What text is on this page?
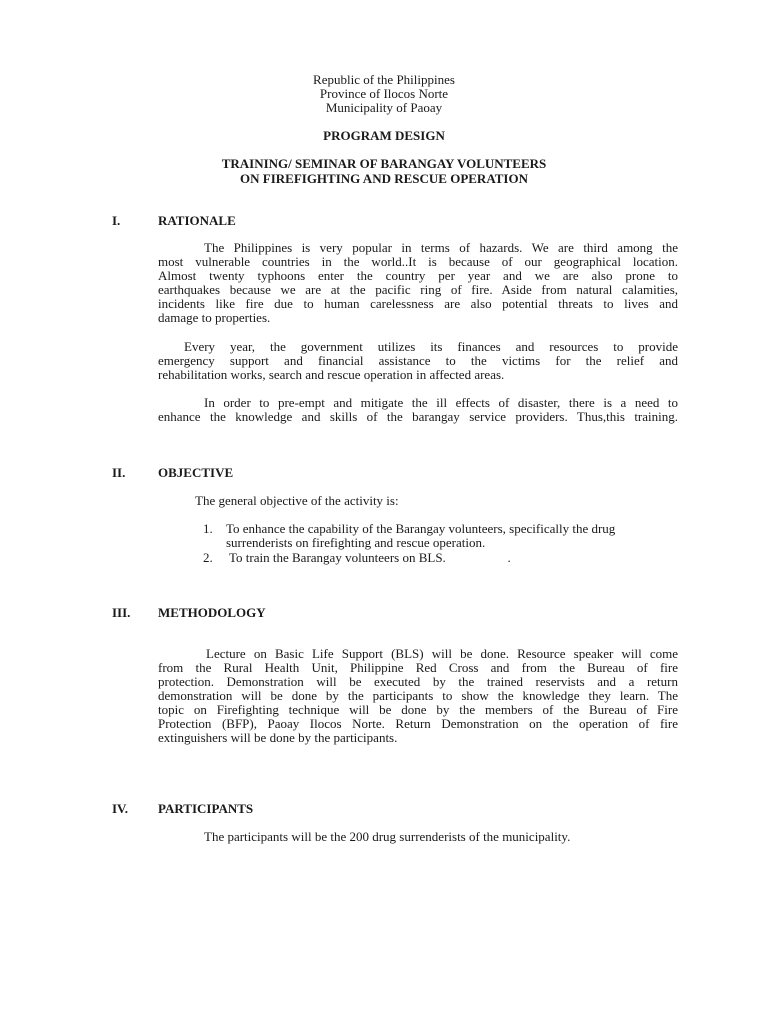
Republic of the Philippines
Province of Ilocos Norte
Municipality of Paoay
PROGRAM DESIGN
TRAINING/ SEMINAR OF BARANGAY VOLUNTEERS
ON FIREFIGHTING AND RESCUE OPERATION
I.	RATIONALE
The Philippines is very popular in terms of hazards. We are third among the
most vulnerable countries in the world..It is because of our geographical location.
Almost twenty typhoons enter the country per year and we are also prone to
earthquakes because we are at the pacific ring of fire. Aside from natural calamities,
incidents like fire due to human carelessness are also potential threats to lives and
damage to properties.
Every year, the government utilizes its finances and resources to provide
emergency support and financial assistance to the victims for the relief and
rehabilitation works, search and rescue operation in affected areas.
In order to pre-empt and mitigate the ill effects of disaster, there is a need to
enhance the knowledge and skills of the barangay service providers. Thus,this training.
II.	OBJECTIVE
The general objective of the activity is:
1. To enhance the capability of the Barangay volunteers, specifically the drug
surrenderists on firefighting and rescue operation.
2. To train the Barangay volunteers on BLS.                   .
III. METHODOLOGY
Lecture on Basic Life Support (BLS) will be done. Resource speaker will come
from the Rural Health Unit, Philippine Red Cross and from the Bureau of fire
protection. Demonstration will be executed by the trained reservists and a return
demonstration will be done by the participants to show the knowledge they learn. The
topic on Firefighting technique will be done by the members of the Bureau of Fire
Protection (BFP), Paoay Ilocos Norte. Return Demonstration on the operation of fire
extinguishers will be done by the participants.
IV. PARTICIPANTS
The participants will be the 200 drug surrenderists of the municipality.
